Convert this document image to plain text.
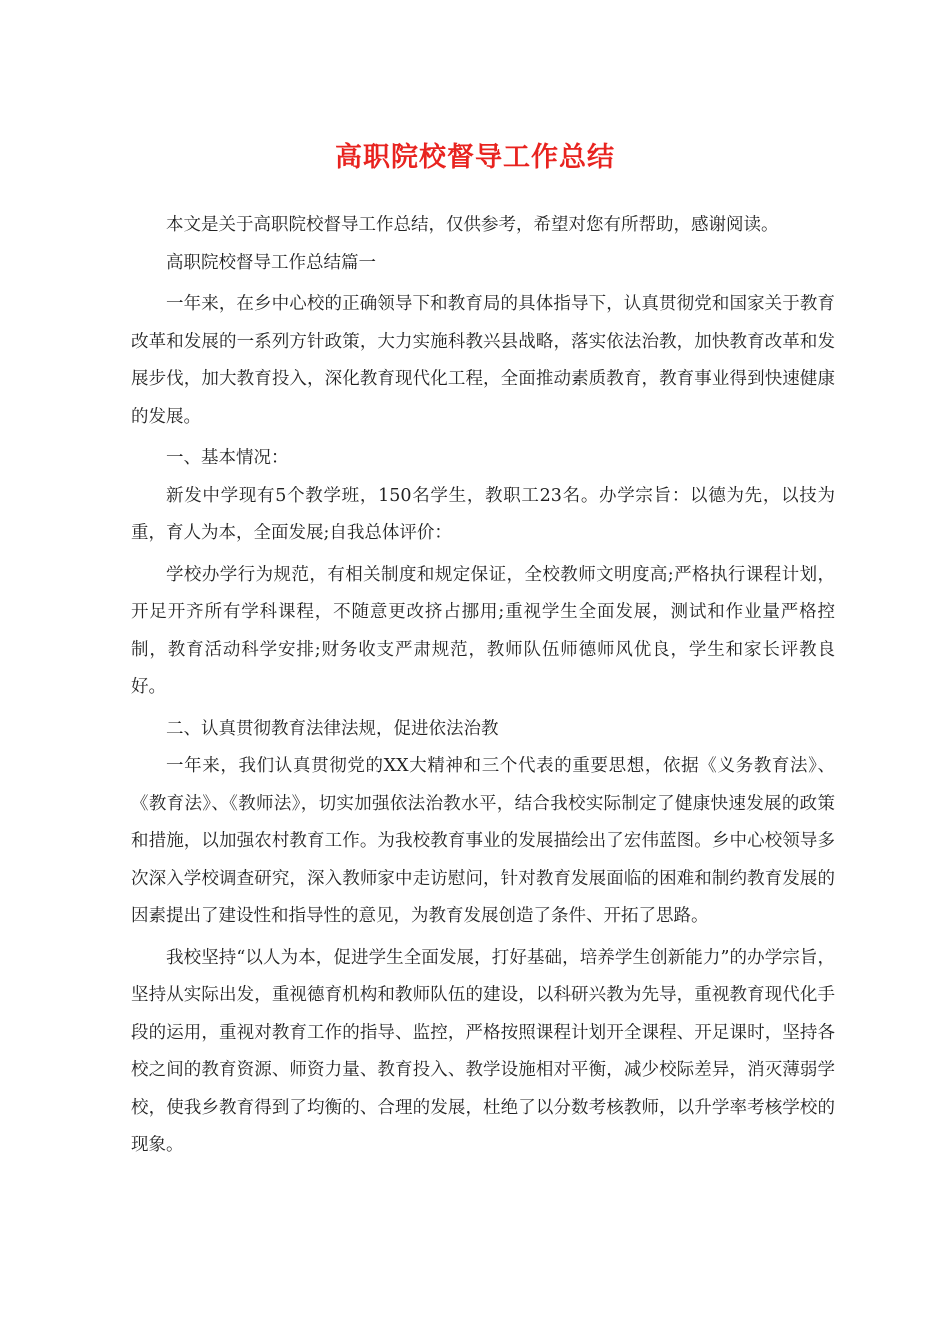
高职院校督导工作总结

本文是关于高职院校督导工作总结，仅供参考，希望对您有所帮助，感谢阅读。

高职院校督导工作总结篇一

一年来，在乡中心校的正确领导下和教育局的具体指导下，认真贯彻党和国家关于教育改革和发展的一系列方针政策，大力实施科教兴县战略，落实依法治教，加快教育改革和发展步伐，加大教育投入，深化教育现代化工程，全面推动素质教育，教育事业得到快速健康的发展。

一、基本情况：

新发中学现有5个教学班，150名学生，教职工23名。办学宗旨：以德为先，以技为重，育人为本，全面发展;自我总体评价：

学校办学行为规范，有相关制度和规定保证，全校教师文明度高;严格执行课程计划，开足开齐所有学科课程，不随意更改挤占挪用;重视学生全面发展，测试和作业量严格控制，教育活动科学安排;财务收支严肃规范，教师队伍师德师风优良，学生和家长评教良好。

二、认真贯彻教育法律法规，促进依法治教

一年来，我们认真贯彻党的XX大精神和三个代表的重要思想，依据《义务教育法》、《教育法》、《教师法》，切实加强依法治教水平，结合我校实际制定了健康快速发展的政策和措施，以加强农村教育工作。为我校教育事业的发展描绘出了宏伟蓝图。乡中心校领导多次深入学校调查研究，深入教师家中走访慰问，针对教育发展面临的困难和制约教育发展的因素提出了建设性和指导性的意见，为教育发展创造了条件、开拓了思路。

我校坚持“以人为本，促进学生全面发展，打好基础，培养学生创新能力”的办学宗旨，坚持从实际出发，重视德育机构和教师队伍的建设，以科研兴教为先导，重视教育现代化手段的运用，重视对教育工作的指导、监控，严格按照课程计划开全课程、开足课时，坚持各校之间的教育资源、师资力量、教育投入、教学设施相对平衡，减少校际差异，消灭薄弱学校，使我乡教育得到了均衡的、合理的发展，杜绝了以分数考核教师，以升学率考核学校的现象。
